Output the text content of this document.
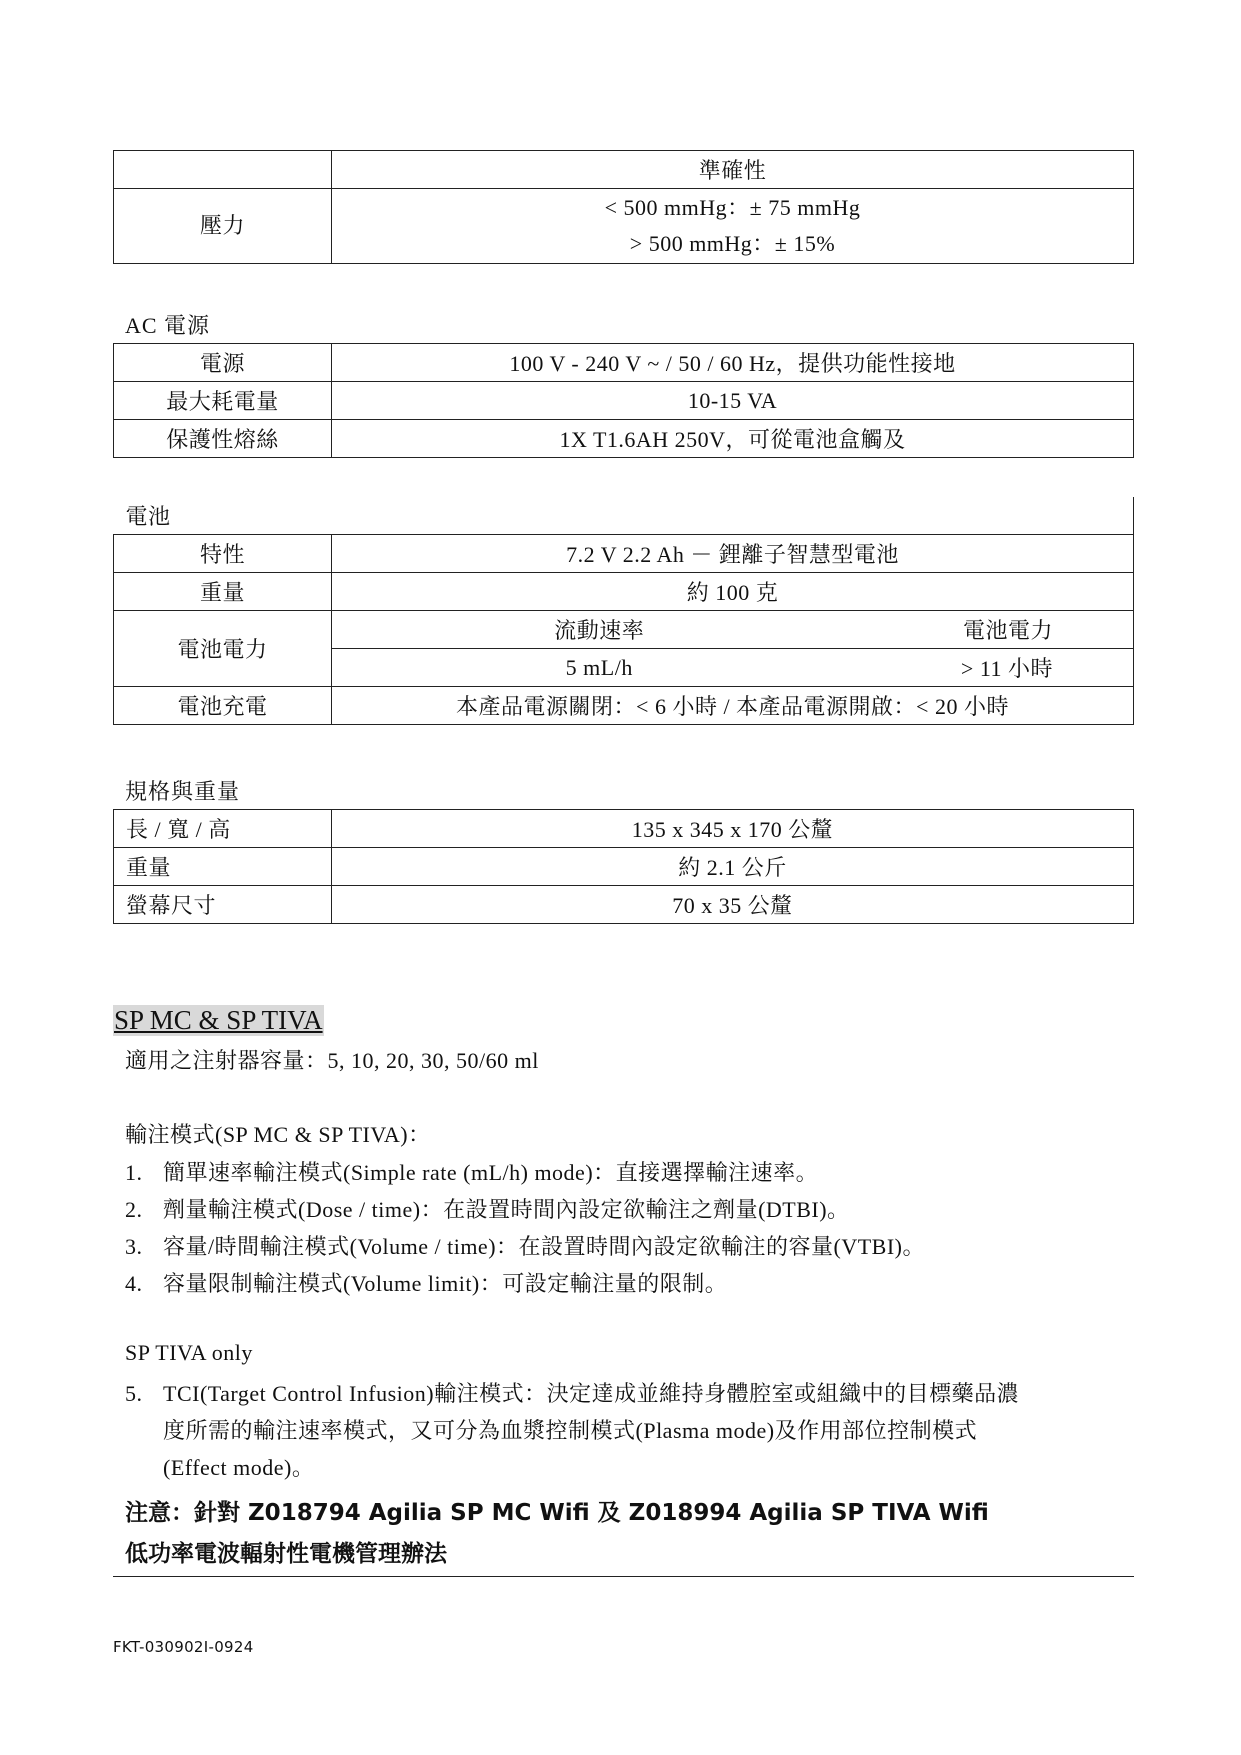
	準確性
壓力	< 500 mmHg：± 75 mmHg
> 500 mmHg：± 15%
AC 電源
電源	100 V - 240 V ~ / 50 / 60 Hz，提供功能性接地
最大耗電量	10-15 VA
保護性熔絲	1X T1.6AH 250V，可從電池盒觸及
電池		
特性	7.2 V 2.2 Ah － 鋰離子智慧型電池	
重量	約 100 克	
電池電力	流動速率	電池電力
	5 mL/h	> 11 小時
電池充電	本產品電源關閉：< 6 小時 / 本產品電源開啟：< 20 小時	
規格與重量
長 / 寬 / 高	135 x 345 x 170 公釐
重量	約 2.1 公斤
螢幕尺寸	70 x 35 公釐
SP MC & SP TIVA
適用之注射器容量：5, 10, 20, 30, 50/60 ml
輸注模式(SP MC & SP TIVA)：
1. 簡單速率輸注模式(Simple rate (mL/h) mode)：直接選擇輸注速率。
2. 劑量輸注模式(Dose / time)：在設置時間內設定欲輸注之劑量(DTBI)。
3. 容量/時間輸注模式(Volume / time)：在設置時間內設定欲輸注的容量(VTBI)。
4. 容量限制輸注模式(Volume limit)：可設定輸注量的限制。
SP TIVA only
5. TCI(Target Control Infusion)輸注模式：決定達成並維持身體腔室或組織中的目標藥品濃
度所需的輸注速率模式，又可分為血漿控制模式(Plasma mode)及作用部位控制模式
(Effect mode)。
注意：針對 Z018794 Agilia SP MC Wifi 及 Z018994 Agilia SP TIVA Wifi
低功率電波輻射性電機管理辦法
FKT-030902I-0924
